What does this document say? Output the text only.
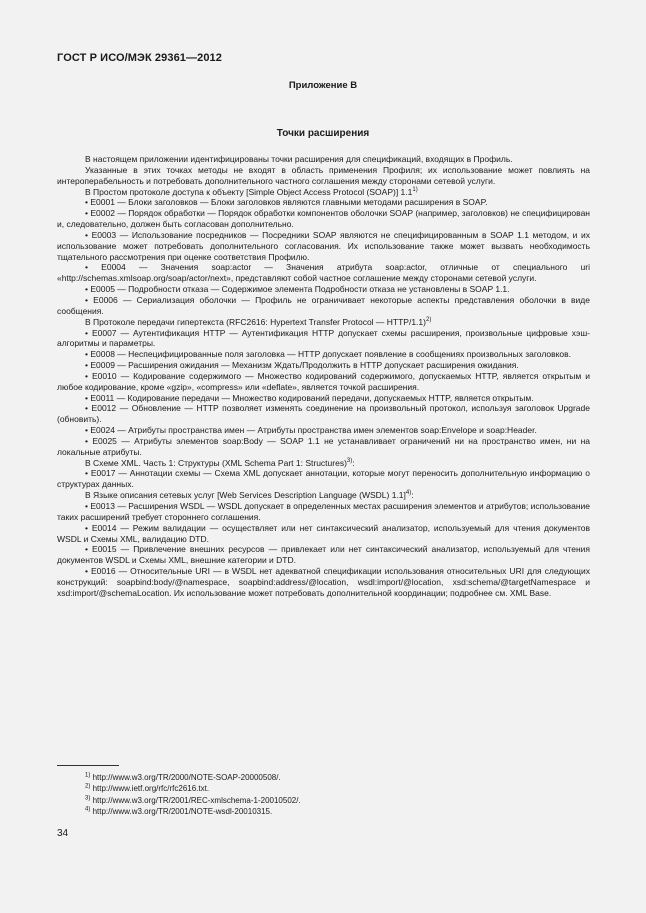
ГОСТ Р ИСО/МЭК 29361—2012
Приложение В
Точки расширения

В настоящем приложении идентифицированы точки расширения для спецификаций, входящих в Профиль.

Указанные в этих точках методы не входят в область применения Профиля; их использование может повлиять на интероперабельность и потребовать дополнительного частного соглашения между сторонами сетевой услуги.

В Простом протоколе доступа к объекту [Simple Object Access Protocol (SOAP)] 1.1$^{1)}$

• Е0001 — Блоки заголовков — Блоки заголовков являются главными методами расширения в SOAP.

• Е0002 — Порядок обработки — Порядок обработки компонентов оболочки SOAP (например, заголовков) не специфицирован и, следовательно, должен быть согласован дополнительно.

• Е0003 — Использование посредников — Посредники SOAP являются не специфицированным в SOAP 1.1 методом, и их использование может потребовать дополнительного согласования. Их использование также может вызвать необходимость тщательного рассмотрения при оценке соответствия Профилю.

• Е0004 — Значения soap:actor — Значения атрибута soap:actor, отличные от специального uri «http://schemas.xmlsoap.org/soap/actor/next», представляют собой частное соглашение между сторонами сетевой услуги.

• Е0005 — Подробности отказа — Содержимое элемента Подробности отказа не установлены в SOAP 1.1.

• Е0006 — Сериализация оболочки — Профиль не ограничивает некоторые аспекты представления оболочки в виде сообщения.

В Протоколе передачи гипертекста (RFC2616: Hypertext Transfer Protocol — HTTP/1.1)$^{2)}$

• Е0007 — Аутентификация HTTP — Аутентификация HTTP допускает схемы расширения, произвольные цифровые хэш-алгоритмы и параметры.

• Е0008 — Неспецифицированные поля заголовка — HTTP допускает появление в сообщениях произвольных заголовков.

• Е0009 — Расширения ожидания — Механизм Ждать/Продолжить в HTTP допускает расширения ожидания.

• Е0010 — Кодирование содержимого — Множество кодирований содержимого, допускаемых HTTP, является открытым и любое кодирование, кроме «gzip», «compress» или «deflate», является точкой расширения.

• Е0011 — Кодирование передачи — Множество кодирований передачи, допускаемых HTTP, является открытым.

• Е0012 — Обновление — HTTP позволяет изменять соединение на произвольный протокол, используя заголовок Upgrade (обновить).

• Е0024 — Атрибуты пространства имен — Атрибуты пространства имен элементов soap:Envelope и soap:Header.

• Е0025 — Атрибуты элементов soap:Body — SOAP 1.1 не устанавливает ограничений ни на пространство имен, ни на локальные атрибуты.

В Схеме XML. Часть 1: Структуры (XML Schema Part 1: Structures)$^{3)}$:

• Е0017 — Аннотации схемы — Схема XML допускает аннотации, которые могут переносить дополнительную информацию о структурах данных.

В Языке описания сетевых услуг [Web Services Description Language (WSDL) 1.1]$^{4)}$:

• Е0013 — Расширения WSDL — WSDL допускает в определенных местах расширения элементов и атрибутов; использование таких расширений требует стороннего соглашения.

• Е0014 — Режим валидации — осуществляет или нет синтаксический анализатор, используемый для чтения документов WSDL и Схемы XML, валидацию DTD.

• Е0015 — Привлечение внешних ресурсов — привлекает или нет синтаксический анализатор, используемый для чтения документов WSDL и Схемы XML, внешние категории и DTD.

• Е0016 — Относительные URI — в WSDL нет адекватной спецификации использования относительных URI для следующих конструкций: soapbind:body/@namespace, soapbind:address/@location, wsdl:import/@location, xsd:schema/@targetNamespace и xsd:import/@schemaLocation. Их использование может потребовать дополнительной координации; подробнее см. XML Base.

$^{1)}$ http://www.w3.org/TR/2000/NOTE-SOAP-20000508/.

$^{2)}$ http://www.ietf.org/rfc/rfc2616.txt.

$^{3)}$ http://www.w3.org/TR/2001/REC-xmlschema-1-20010502/.

$^{4)}$ http://www.w3.org/TR/2001/NOTE-wsdl-20010315.

34
